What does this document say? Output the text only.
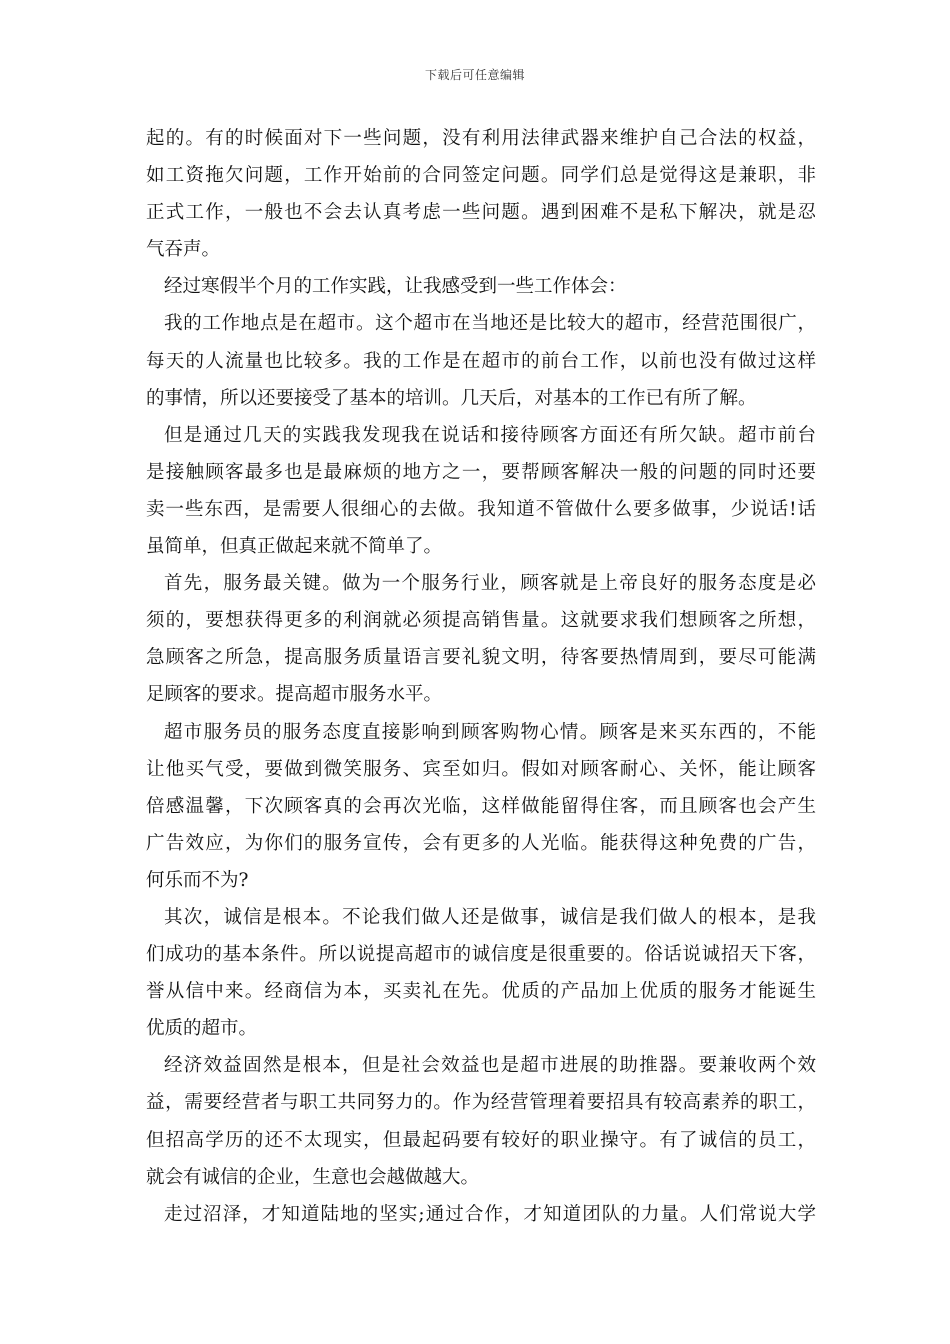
下载后可任意编辑
起的。有的时候面对下一些问题，没有利用法律武器来维护自己合法的权益，
如工资拖欠问题，工作开始前的合同签定问题。同学们总是觉得这是兼职，非
正式工作，一般也不会去认真考虑一些问题。遇到困难不是私下解决，就是忍
气吞声。
经过寒假半个月的工作实践，让我感受到一些工作体会：
我的工作地点是在超市。这个超市在当地还是比较大的超市，经营范围很广，
每天的人流量也比较多。我的工作是在超市的前台工作，以前也没有做过这样
的事情，所以还要接受了基本的培训。几天后，对基本的工作已有所了解。
但是通过几天的实践我发现我在说话和接待顾客方面还有所欠缺。超市前台
是接触顾客最多也是最麻烦的地方之一，要帮顾客解决一般的问题的同时还要
卖一些东西，是需要人很细心的去做。我知道不管做什么要多做事，少说话!话
虽简单，但真正做起来就不简单了。
首先，服务最关键。做为一个服务行业，顾客就是上帝良好的服务态度是必
须的，要想获得更多的利润就必须提高销售量。这就要求我们想顾客之所想，
急顾客之所急，提高服务质量语言要礼貌文明，待客要热情周到，要尽可能满
足顾客的要求。提高超市服务水平。
超市服务员的服务态度直接影响到顾客购物心情。顾客是来买东西的，不能
让他买气受，要做到微笑服务、宾至如归。假如对顾客耐心、关怀，能让顾客
倍感温馨，下次顾客真的会再次光临，这样做能留得住客，而且顾客也会产生
广告效应，为你们的服务宣传，会有更多的人光临。能获得这种免费的广告，
何乐而不为?
其次，诚信是根本。不论我们做人还是做事，诚信是我们做人的根本，是我
们成功的基本条件。所以说提高超市的诚信度是很重要的。俗话说诚招天下客，
誉从信中来。经商信为本，买卖礼在先。优质的产品加上优质的服务才能诞生
优质的超市。
经济效益固然是根本，但是社会效益也是超市进展的助推器。要兼收两个效
益，需要经营者与职工共同努力的。作为经营管理着要招具有较高素养的职工，
但招高学历的还不太现实，但最起码要有较好的职业操守。有了诚信的员工，
就会有诚信的企业，生意也会越做越大。
走过沼泽，才知道陆地的坚实;通过合作，才知道团队的力量。人们常说大学
